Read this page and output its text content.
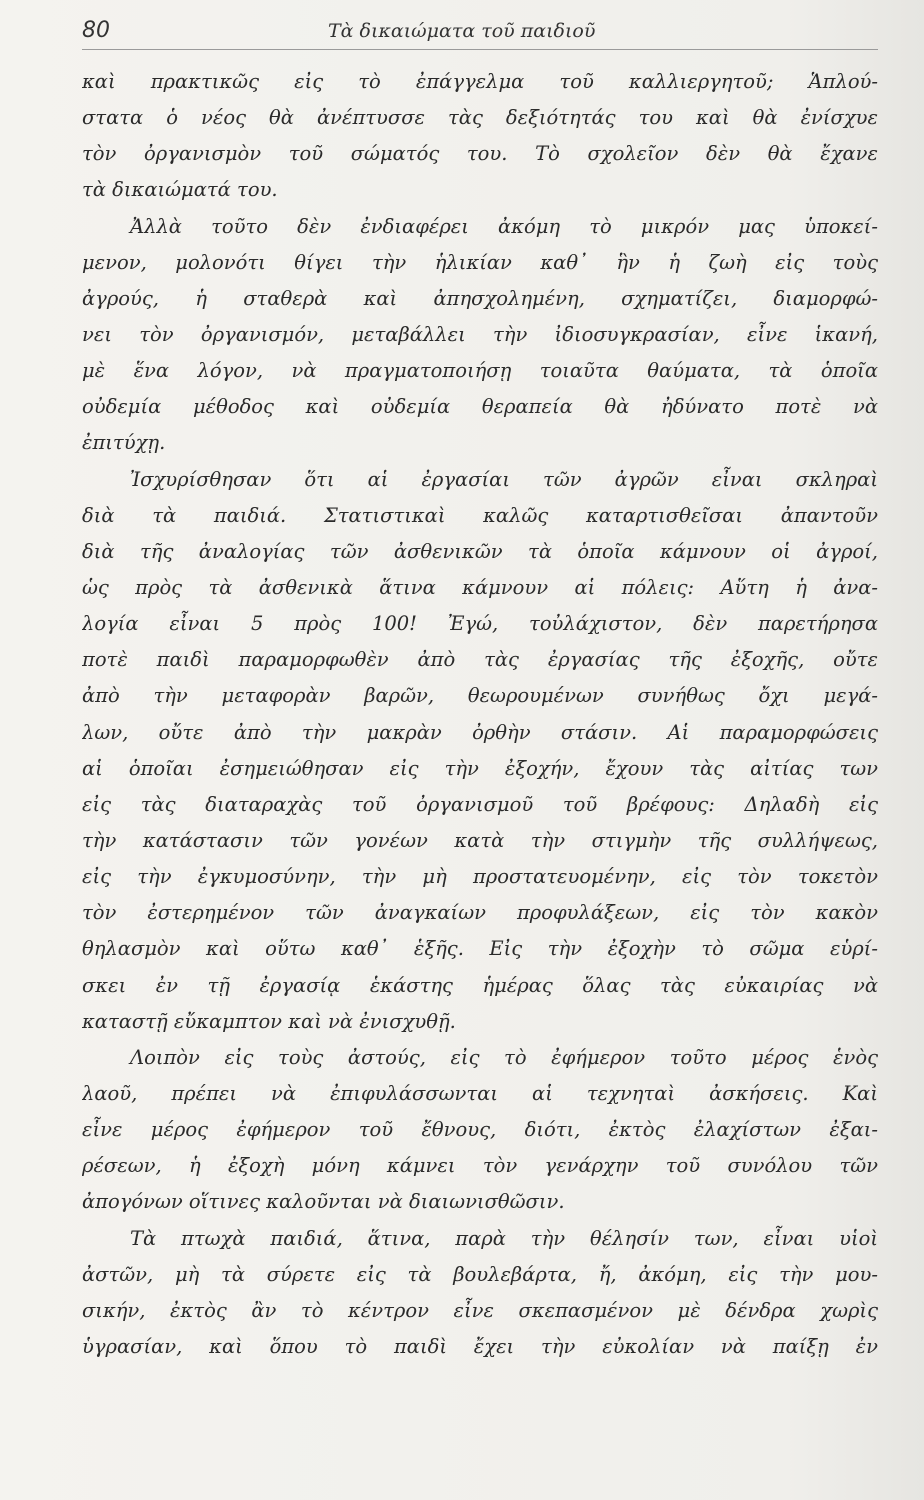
80	Τὰ δικαιώματα τοῦ παιδιοῦ
καὶ πρακτικῶς εἰς τὸ ἐπάγγελμα τοῦ καλλιεργητοῦ; Ἁπλού-
στατα ὁ νέος θὰ ἀνέπτυσσε τὰς δεξιότητάς του καὶ θὰ ἐνίσχυε
τὸν ὀργανισμὸν τοῦ σώματός του. Τὸ σχολεῖον δὲν θὰ ἔχανε
τὰ δικαιώματά του.
Ἀλλὰ τοῦτο δὲν ἐνδιαφέρει ἀκόμη τὸ μικρόν μας ὑποκεί-
μενον, μολονότι θίγει τὴν ἡλικίαν καθ᾽ ἣν ἡ ζωὴ εἰς τοὺς
ἀγρούς, ἡ σταθερὰ καὶ ἀπησχολημένη, σχηματίζει, διαμορφώ-
νει τὸν ὀργανισμόν, μεταβάλλει τὴν ἰδιοσυγκρασίαν, εἶνε ἱκανή,
μὲ ἕνα λόγον, νὰ πραγματοποιήσῃ τοιαῦτα θαύματα, τὰ ὁποῖα
οὐδεμία μέθοδος καὶ οὐδεμία θεραπεία θὰ ἠδύνατο ποτὲ νὰ
ἐπιτύχῃ.
Ἰσχυρίσθησαν ὅτι αἱ ἐργασίαι τῶν ἀγρῶν εἶναι σκληραὶ
διὰ τὰ παιδιά. Στατιστικαὶ καλῶς καταρτισθεῖσαι ἀπαντοῦν
διὰ τῆς ἀναλογίας τῶν ἀσθενικῶν τὰ ὁποῖα κάμνουν οἱ ἀγροί,
ὡς πρὸς τὰ ἀσθενικὰ ἅτινα κάμνουν αἱ πόλεις: Αὕτη ἡ ἀνα-
λογία εἶναι 5 πρὸς 100! Ἐγώ, τοὐλάχιστον, δὲν παρετήρησα
ποτὲ παιδὶ παραμορφωθὲν ἀπὸ τὰς ἐργασίας τῆς ἐξοχῆς, οὔτε
ἀπὸ τὴν μεταφορὰν βαρῶν, θεωρουμένων συνήθως ὄχι μεγά-
λων, οὔτε ἀπὸ τὴν μακρὰν ὀρθὴν στάσιν. Αἱ παραμορφώσεις
αἱ ὁποῖαι ἐσημειώθησαν εἰς τὴν ἐξοχήν, ἔχουν τὰς αἰτίας των
εἰς τὰς διαταραχὰς τοῦ ὀργανισμοῦ τοῦ βρέφους: Δηλαδὴ εἰς
τὴν κατάστασιν τῶν γονέων κατὰ τὴν στιγμὴν τῆς συλλήψεως,
εἰς τὴν ἐγκυμοσύνην, τὴν μὴ προστατευομένην, εἰς τὸν τοκετὸν
τὸν ἐστερημένον τῶν ἀναγκαίων προφυλάξεων, εἰς τὸν κακὸν
θηλασμὸν καὶ οὕτω καθ᾽ ἑξῆς. Εἰς τὴν ἐξοχὴν τὸ σῶμα εὑρί-
σκει ἐν τῇ ἐργασίᾳ ἑκάστης ἡμέρας ὅλας τὰς εὐκαιρίας νὰ
καταστῇ εὔκαμπτον καὶ νὰ ἐνισχυθῇ.
Λοιπὸν εἰς τοὺς ἀστούς, εἰς τὸ ἐφήμερον τοῦτο μέρος ἑνὸς
λαοῦ, πρέπει νὰ ἐπιφυλάσσωνται αἱ τεχνηταὶ ἀσκήσεις. Καὶ
εἶνε μέρος ἐφήμερον τοῦ ἔθνους, διότι, ἐκτὸς ἐλαχίστων ἐξαι-
ρέσεων, ἡ ἐξοχὴ μόνη κάμνει τὸν γενάρχην τοῦ συνόλου τῶν
ἀπογόνων οἵτινες καλοῦνται νὰ διαιωνισθῶσιν.
Τὰ πτωχὰ παιδιά, ἅτινα, παρὰ τὴν θέλησίν των, εἶναι υἱοὶ
ἀστῶν, μὴ τὰ σύρετε εἰς τὰ βουλεβάρτα, ἤ, ἀκόμη, εἰς τὴν μου-
σικήν, ἐκτὸς ἂν τὸ κέντρον εἶνε σκεπασμένον μὲ δένδρα χωρὶς
ὑγρασίαν, καὶ ὅπου τὸ παιδὶ ἔχει τὴν εὐκολίαν νὰ παίξῃ ἐν
